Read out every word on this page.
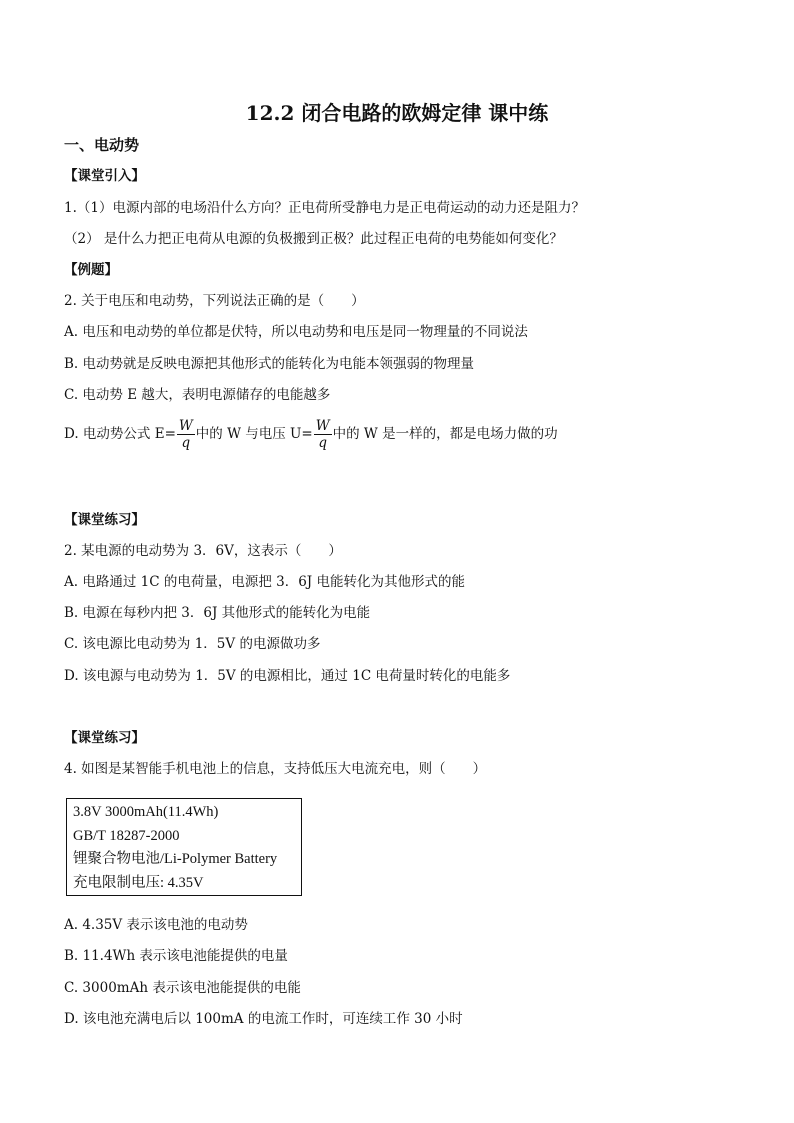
12.2 闭合电路的欧姆定律 课中练
一、电动势
【课堂引入】
1.（1）电源内部的电场沿什么方向？正电荷所受静电力是正电荷运动的动力还是阻力？
（2） 是什么力把正电荷从电源的负极搬到正极？此过程正电荷的电势能如何变化？
【例题】
2. 关于电压和电动势，下列说法正确的是（　　）
A. 电压和电动势的单位都是伏特，所以电动势和电压是同一物理量的不同说法
B. 电动势就是反映电源把其他形式的能转化为电能本领强弱的物理量
C. 电动势 E 越大，表明电源储存的电能越多
D. 电动势公式 $E= \frac{W}{q}$ 中的 W 与电压 $U= \frac{W}{q}$ 中的 W 是一样的，都是电场力做的功
【课堂练习】
2. 某电源的电动势为 3．6V，这表示（　　）
A. 电路通过 1C 的电荷量，电源把 3．6J 电能转化为其他形式的能
B. 电源在每秒内把 3．6J 其他形式的能转化为电能
C. 该电源比电动势为 1．5V 的电源做功多
D. 该电源与电动势为 1．5V 的电源相比，通过 1C 电荷量时转化的电能多
【课堂练习】
4. 如图是某智能手机电池上的信息，支持低压大电流充电，则（　　）
3.8V 3000mAh(11.4Wh)
GB/T 18287-2000
锂聚合物电池/Li-Polymer Battery
充电限制电压: 4.35V
A. 4.35V 表示该电池的电动势
B. 11.4Wh 表示该电池能提供的电量
C. 3000mAh 表示该电池能提供的电能
D. 该电池充满电后以 100mA 的电流工作时，可连续工作 30 小时
